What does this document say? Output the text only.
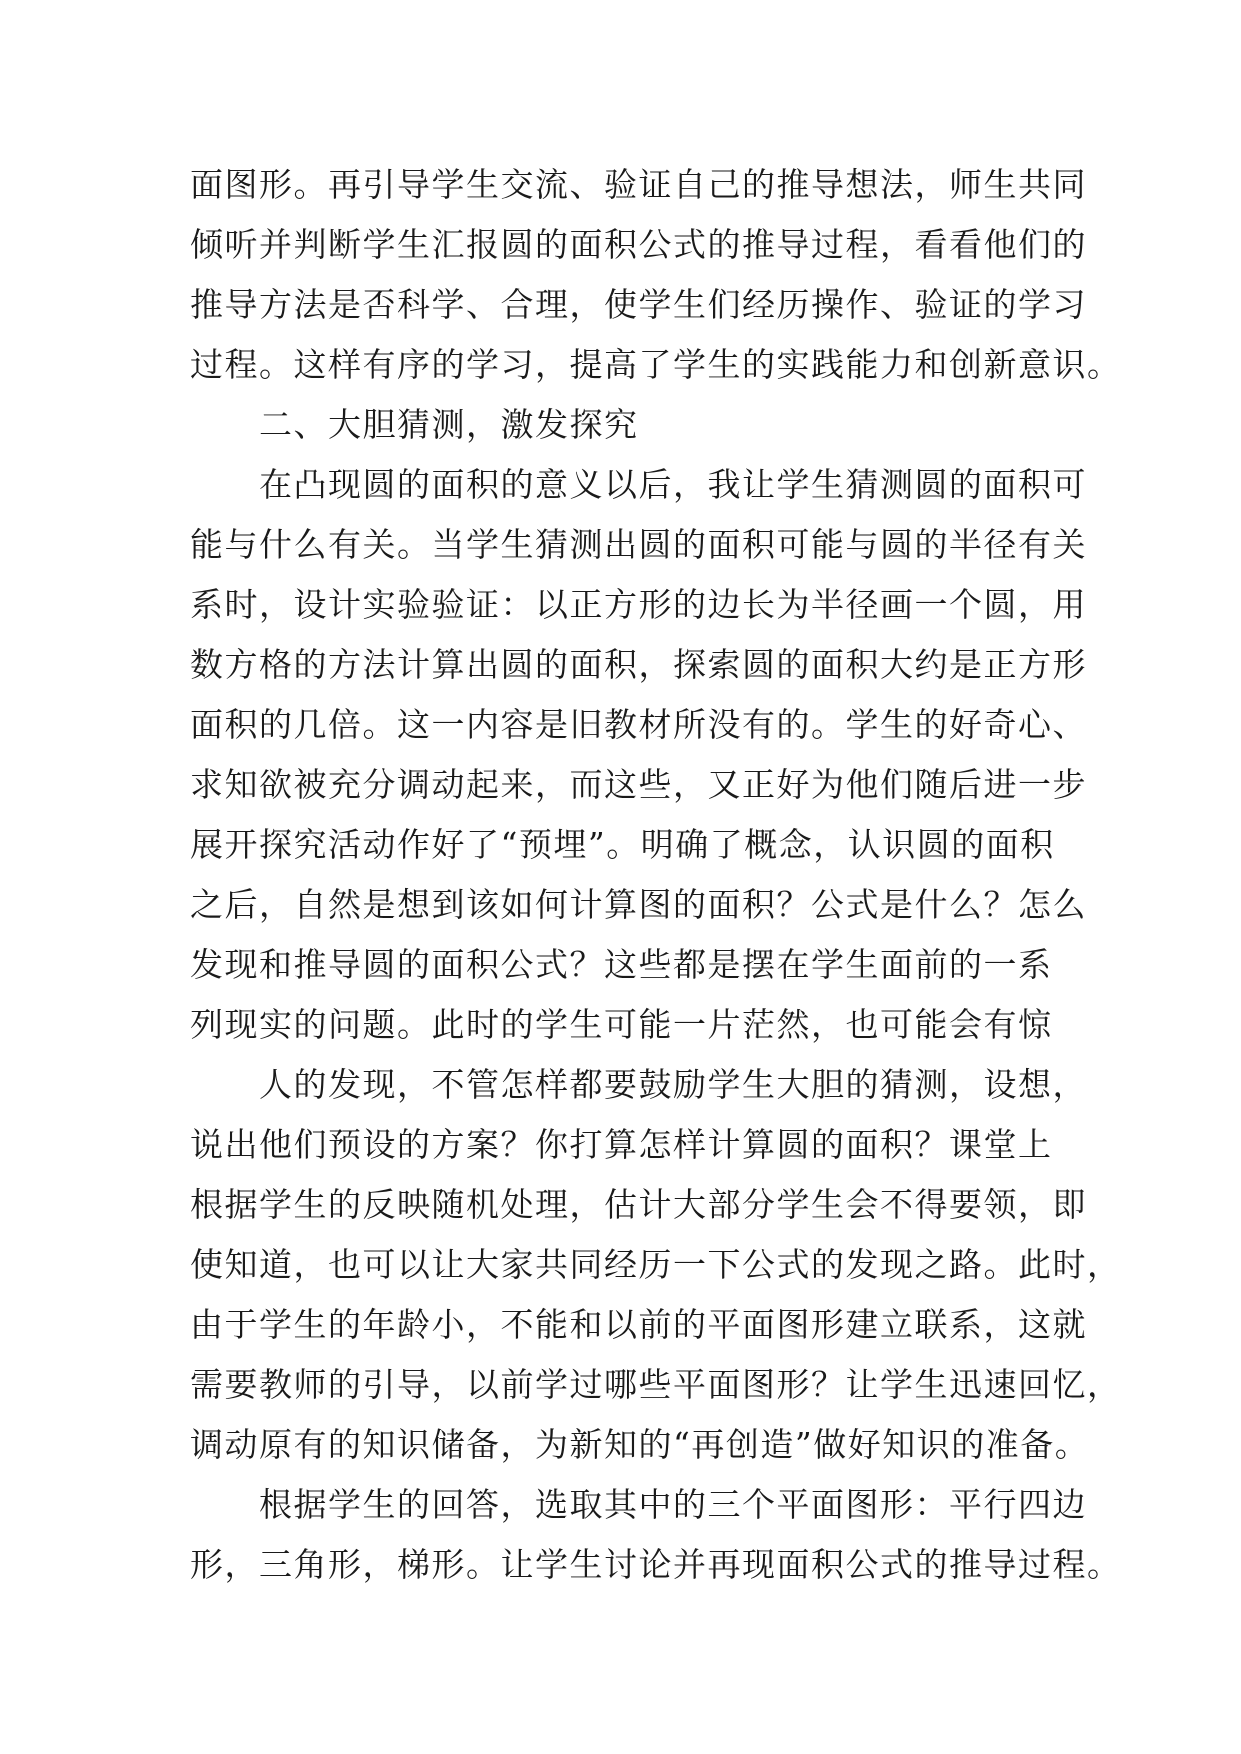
面图形。再引导学生交流、验证自己的推导想法，师生共同
倾听并判断学生汇报圆的面积公式的推导过程，看看他们的
推导方法是否科学、合理，使学生们经历操作、验证的学习
过程。这样有序的学习，提高了学生的实践能力和创新意识。
　　二、大胆猜测，激发探究
　　在凸现圆的面积的意义以后，我让学生猜测圆的面积可
能与什么有关。当学生猜测出圆的面积可能与圆的半径有关
系时，设计实验验证：以正方形的边长为半径画一个圆，用
数方格的方法计算出圆的面积，探索圆的面积大约是正方形
面积的几倍。这一内容是旧教材所没有的。学生的好奇心、
求知欲被充分调动起来，而这些，又正好为他们随后进一步
展开探究活动作好了“预埋”。明确了概念，认识圆的面积
之后，自然是想到该如何计算图的面积？公式是什么？怎么
发现和推导圆的面积公式？这些都是摆在学生面前的一系
列现实的问题。此时的学生可能一片茫然，也可能会有惊
　　人的发现，不管怎样都要鼓励学生大胆的猜测，设想，
说出他们预设的方案？你打算怎样计算圆的面积？课堂上
根据学生的反映随机处理，估计大部分学生会不得要领，即
使知道，也可以让大家共同经历一下公式的发现之路。此时，
由于学生的年龄小，不能和以前的平面图形建立联系，这就
需要教师的引导，以前学过哪些平面图形？让学生迅速回忆，
调动原有的知识储备，为新知的“再创造”做好知识的准备。
　　根据学生的回答，选取其中的三个平面图形：平行四边
形，三角形，梯形。让学生讨论并再现面积公式的推导过程。
